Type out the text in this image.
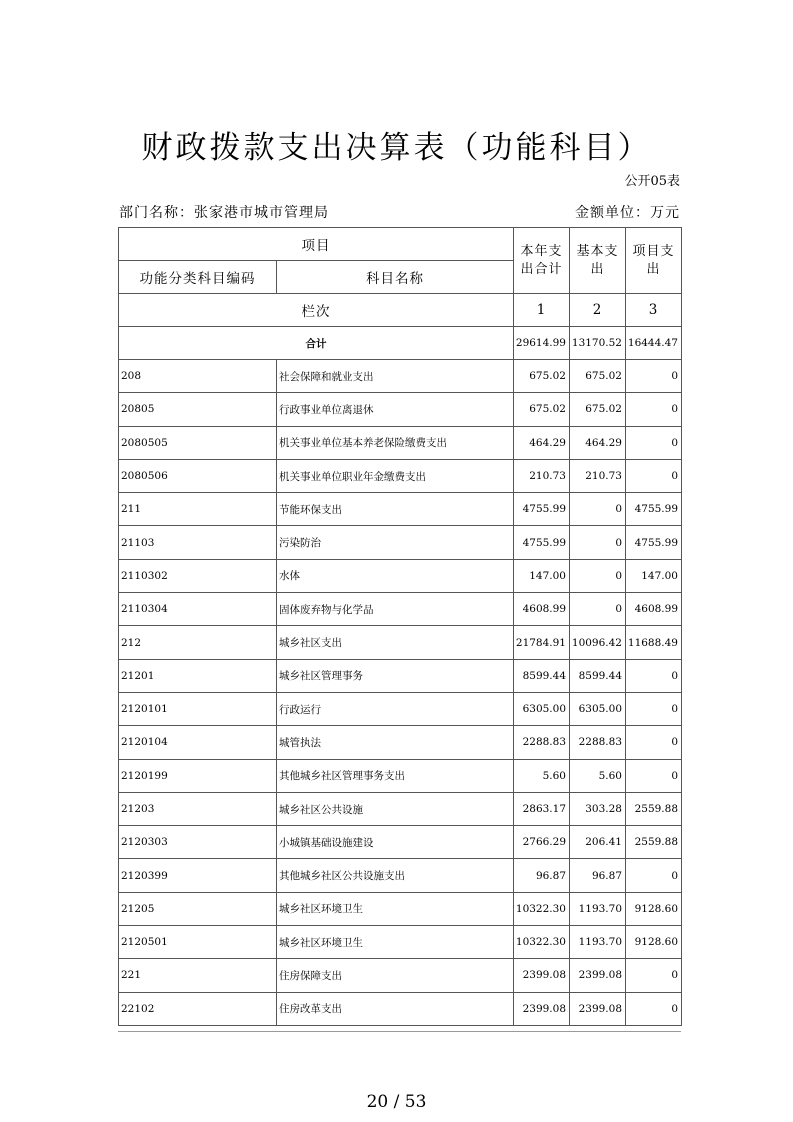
财政拨款支出决算表（功能科目）
公开05表
部门名称：张家港市城市管理局	金额单位：万元
项目		本年支出合计	基本支出	项目支出
功能分类科目编码	科目名称			
栏次		1	2	3
合计		29614.99	13170.52	16444.47
208	社会保障和就业支出	675.02	675.02	0
20805	行政事业单位离退休	675.02	675.02	0
2080505	机关事业单位基本养老保险缴费支出	464.29	464.29	0
2080506	机关事业单位职业年金缴费支出	210.73	210.73	0
211	节能环保支出	4755.99	0	4755.99
21103	污染防治	4755.99	0	4755.99
2110302	水体	147.00	0	147.00
2110304	固体废弃物与化学品	4608.99	0	4608.99
212	城乡社区支出	21784.91	10096.42	11688.49
21201	城乡社区管理事务	8599.44	8599.44	0
2120101	行政运行	6305.00	6305.00	0
2120104	城管执法	2288.83	2288.83	0
2120199	其他城乡社区管理事务支出	5.60	5.60	0
21203	城乡社区公共设施	2863.17	303.28	2559.88
2120303	小城镇基础设施建设	2766.29	206.41	2559.88
2120399	其他城乡社区公共设施支出	96.87	96.87	0
21205	城乡社区环境卫生	10322.30	1193.70	9128.60
2120501	城乡社区环境卫生	10322.30	1193.70	9128.60
221	住房保障支出	2399.08	2399.08	0
22102	住房改革支出	2399.08	2399.08	0
20 / 53
